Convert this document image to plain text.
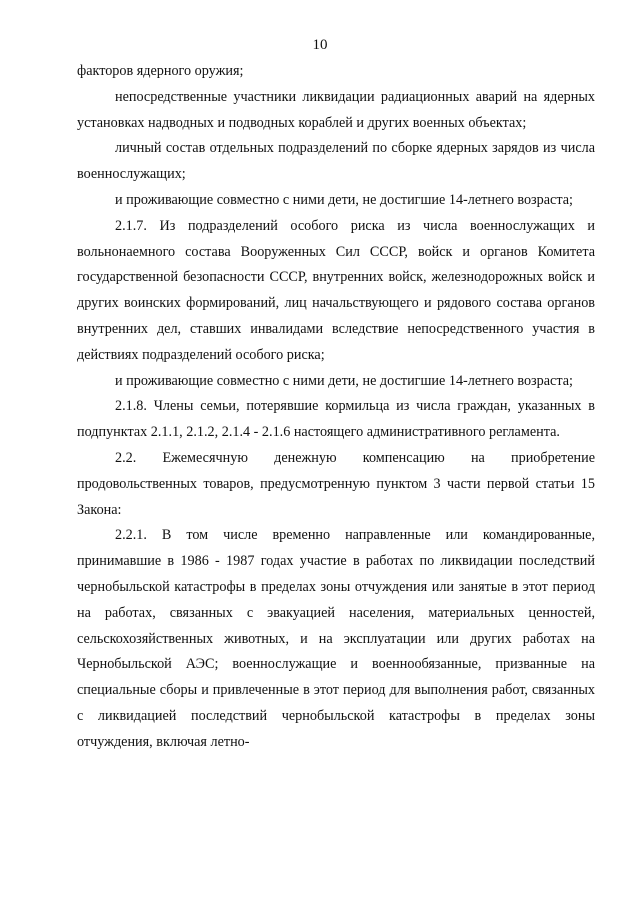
10

факторов ядерного оружия;

непосредственные участники ликвидации радиационных аварий на ядерных установках надводных и подводных кораблей и других военных объектах;

личный состав отдельных подразделений по сборке ядерных зарядов из числа военнослужащих;

и проживающие совместно с ними дети, не достигшие 14-летнего возраста;

2.1.7. Из подразделений особого риска из числа военнослужащих и вольнонаемного состава Вооруженных Сил СССР, войск и органов Комитета государственной безопасности СССР, внутренних войск, железнодорожных войск и других воинских формирований, лиц начальствующего и рядового состава органов внутренних дел, ставших инвалидами вследствие непосредственного участия в действиях подразделений особого риска;

и проживающие совместно с ними дети, не достигшие 14-летнего возраста;

2.1.8. Члены семьи, потерявшие кормильца из числа граждан, указанных в подпунктах 2.1.1, 2.1.2, 2.1.4 - 2.1.6 настоящего административного регламента.

2.2. Ежемесячную денежную компенсацию на приобретение продовольственных товаров, предусмотренную пунктом 3 части первой статьи 15 Закона:

2.2.1. В том числе временно направленные или командированные, принимавшие в 1986 - 1987 годах участие в работах по ликвидации последствий чернобыльской катастрофы в пределах зоны отчуждения или занятые в этот период на работах, связанных с эвакуацией населения, материальных ценностей, сельскохозяйственных животных, и на эксплуатации или других работах на Чернобыльской АЭС; военнослужащие и военнообязанные, призванные на специальные сборы и привлеченные в этот период для выполнения работ, связанных с ликвидацией последствий чернобыльской катастрофы в пределах зоны отчуждения, включая летно-
